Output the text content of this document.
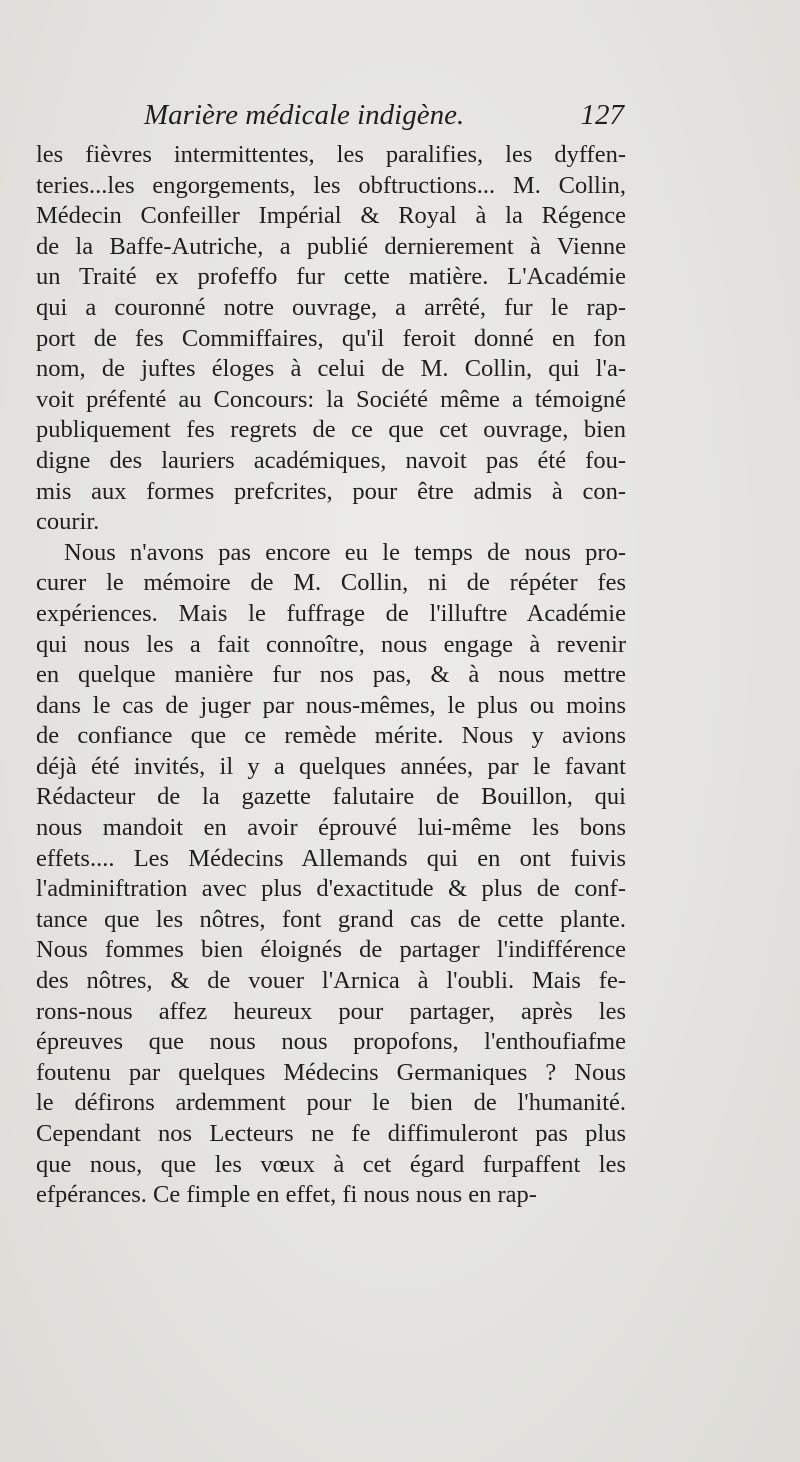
Marière médicale indigène.	127
les fièvres intermittentes, les paralifies, les dyffen-
teries...les engorgements, les obftructions... M. Collin,
Médecin Confeiller Impérial & Royal à la Régence
de la Baffe-Autriche, a publié dernierement à Vienne
un Traité ex profeffo fur cette matière. L'Académie
qui a couronné notre ouvrage, a arrêté, fur le rap-
port de fes Commiffaires, qu'il feroit donné en fon
nom, de juftes éloges à celui de M. Collin, qui l'a-
voit préfenté au Concours: la Société même a témoigné
publiquement fes regrets de ce que cet ouvrage, bien
digne des lauriers académiques, navoit pas été fou-
mis aux formes prefcrites, pour être admis à con-
courir.
Nous n'avons pas encore eu le temps de nous pro-
curer le mémoire de M. Collin, ni de répéter fes
expériences. Mais le fuffrage de l'illuftre Académie
qui nous les a fait connoître, nous engage à revenir
en quelque manière fur nos pas, & à nous mettre
dans le cas de juger par nous-mêmes, le plus ou moins
de confiance que ce remède mérite. Nous y avions
déjà été invités, il y a quelques années, par le favant
Rédacteur de la gazette falutaire de Bouillon, qui
nous mandoit en avoir éprouvé lui-même les bons
effets.... Les Médecins Allemands qui en ont fuivis
l'adminiftration avec plus d'exactitude & plus de conf-
tance que les nôtres, font grand cas de cette plante.
Nous fommes bien éloignés de partager l'indifférence
des nôtres, & de vouer l'Arnica à l'oubli. Mais fe-
rons-nous affez heureux pour partager, après les
épreuves que nous nous propofons, l'enthoufiafme
foutenu par quelques Médecins Germaniques ? Nous
le défirons ardemment pour le bien de l'humanité.
Cependant nos Lecteurs ne fe diffimuleront pas plus
que nous, que les vœux à cet égard furpaffent les
efpérances. Ce fimple en effet, fi nous nous en rap-
